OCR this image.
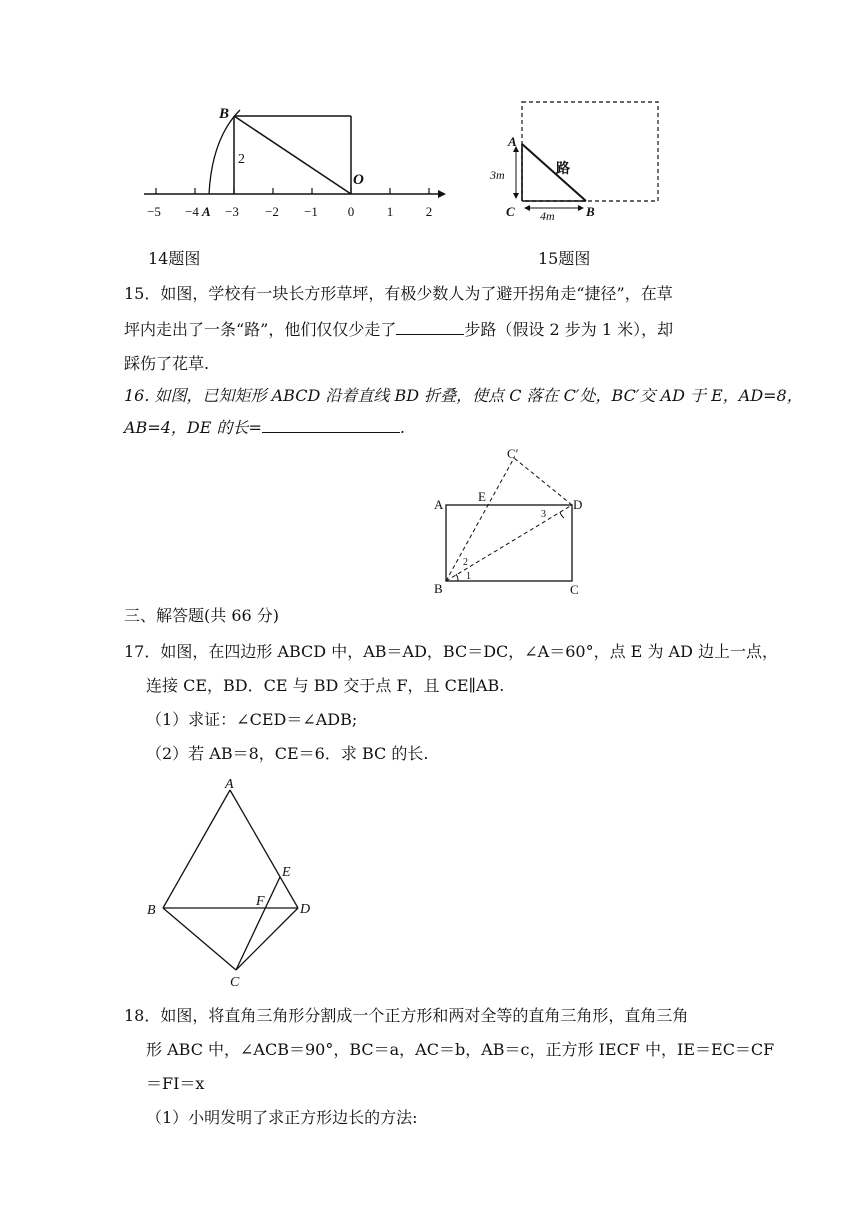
−5 −4 −3 −2 −1 0	1	2
B
2
O
A
A
C	B
3m
4m
路
14题图	15题图
15．如图，学校有一块长方形草坪，有极少数人为了避开拐角走“捷径”，在草
坪内走出了一条“路”，他们仅仅少走了	步路（假设 2 步为 1 米），却
踩伤了花草.
16. 如图，已知矩形 ABCD 沿着直线 BD 折叠，使点 C 落在 C′处，BC′交 AD 于 E，AD=8，
AB=4，DE 的长=	.
C′
A
E
D
B	C
1
2
3
三、解答题(共 66 分)
17．如图，在四边形 ABCD 中，AB＝AD，BC＝DC，∠A＝60°，点 E 为 AD 边上一点，
连接 CE，BD．CE 与 BD 交于点 F，且 CE∥AB.
（1）求证：∠CED＝∠ADB;
（2）若 AB＝8，CE＝6．求 BC 的长.
A
B
C
D
E
F
18．如图，将直角三角形分割成一个正方形和两对全等的直角三角形，直角三角
形 ABC 中，∠ACB＝90°，BC＝a，AC＝b，AB＝c，正方形 IECF 中，IE＝EC＝CF
＝FI＝x
（1）小明发明了求正方形边长的方法:
